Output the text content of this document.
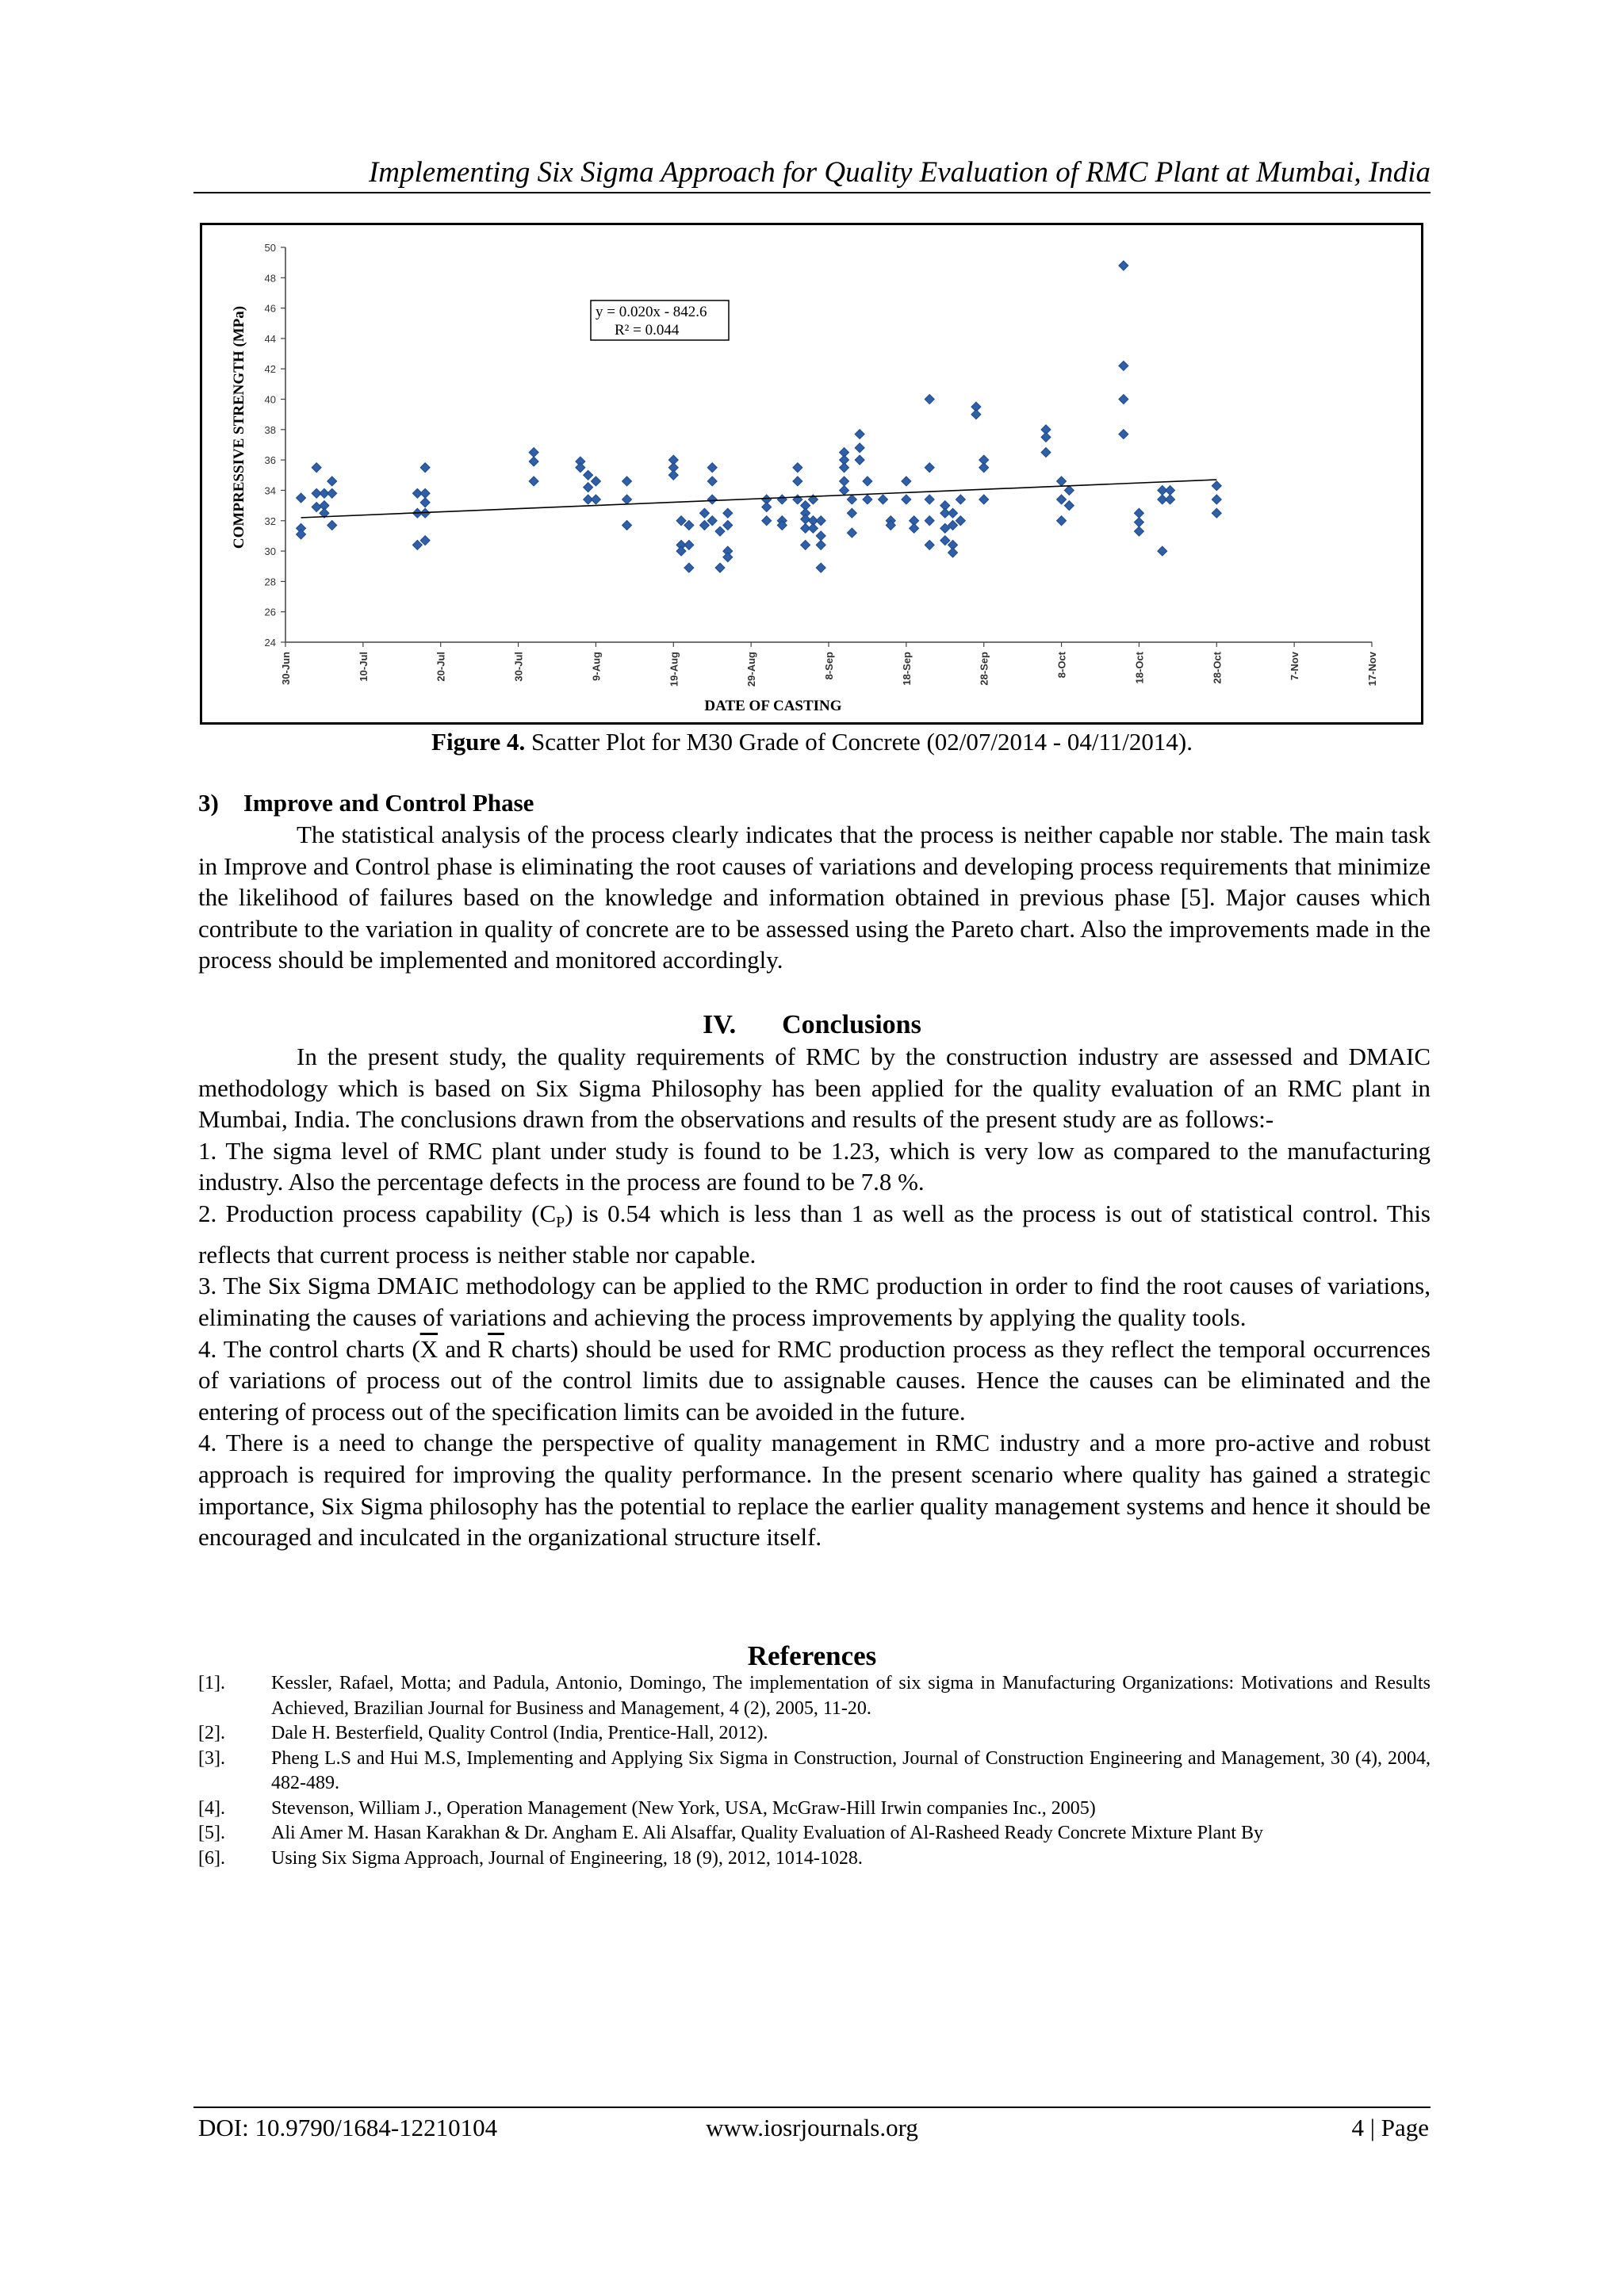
Implementing Six Sigma Approach for Quality Evaluation of RMC Plant at Mumbai, India
24
26
28
30
32
34
36
38
40
42
44
46
48
50
30-Jun	10-Jul	20-Jul	30-Jul	9-Aug	19-Aug	29-Aug	8-Sep	18-Sep	28-Sep	8-Oct	18-Oct	28-Oct	7-Nov	17-Nov
y = 0.020x - 842.6
R² = 0.044
DATE OF CASTING
COMPRESSIVE STRENGTH (MPa)
Figure 4. Scatter Plot for M30 Grade of Concrete (02/07/2014 - 04/11/2014).
3)    Improve and Control Phase

The statistical analysis of the process clearly indicates that the process is neither capable nor stable. The main task in Improve and Control phase is eliminating the root causes of variations and developing process requirements that minimize the likelihood of failures based on the knowledge and information obtained in previous phase [5]. Major causes which contribute to the variation in quality of concrete are to be assessed using the Pareto chart. Also the improvements made in the process should be implemented and monitored accordingly.

IV. Conclusions

In the present study, the quality requirements of RMC by the construction industry are assessed and DMAIC methodology which is based on Six Sigma Philosophy has been applied for the quality evaluation of an RMC plant in Mumbai, India. The conclusions drawn from the observations and results of the present study are as follows:-

1. The sigma level of RMC plant under study is found to be 1.23, which is very low as compared to the manufacturing industry. Also the percentage defects in the process are found to be 7.8 %.

2. Production process capability $(C_P)$ is 0.54 which is less than 1 as well as the process is out of statistical control. This reflects that current process is neither stable nor capable.

3. The Six Sigma DMAIC methodology can be applied to the RMC production in order to find the root causes of variations, eliminating the causes of variations and achieving the process improvements by applying the quality tools.

4. The control charts ($\overline{X}$ and $\overline{R}$ charts) should be used for RMC production process as they reflect the temporal occurrences of variations of process out of the control limits due to assignable causes. Hence the causes can be eliminated and the entering of process out of the specification limits can be avoided in the future.

4. There is a need to change the perspective of quality management in RMC industry and a more pro-active and robust approach is required for improving the quality performance. In the present scenario where quality has gained a strategic importance, Six Sigma philosophy has the potential to replace the earlier quality management systems and hence it should be encouraged and inculcated in the organizational structure itself.

References
[1].	Kessler, Rafael, Motta; and Padula, Antonio, Domingo, The implementation of six sigma in Manufacturing Organizations: Motivations and Results Achieved, Brazilian Journal for Business and Management, 4 (2), 2005, 11-20.
[2].	Dale H. Besterfield, Quality Control (India, Prentice-Hall, 2012).
[3].	Pheng L.S and Hui M.S, Implementing and Applying Six Sigma in Construction, Journal of Construction Engineering and Management, 30 (4), 2004, 482-489.
[4].	Stevenson, William J., Operation Management (New York, USA, McGraw-Hill Irwin companies Inc., 2005)
[5].	Ali Amer M. Hasan Karakhan & Dr. Angham E. Ali Alsaffar, Quality Evaluation of Al-Rasheed Ready Concrete Mixture Plant By
[6].	Using Six Sigma Approach, Journal of Engineering, 18 (9), 2012, 1014-1028.
DOI: 10.9790/1684-12210104	www.iosrjournals.org	4 | Page
